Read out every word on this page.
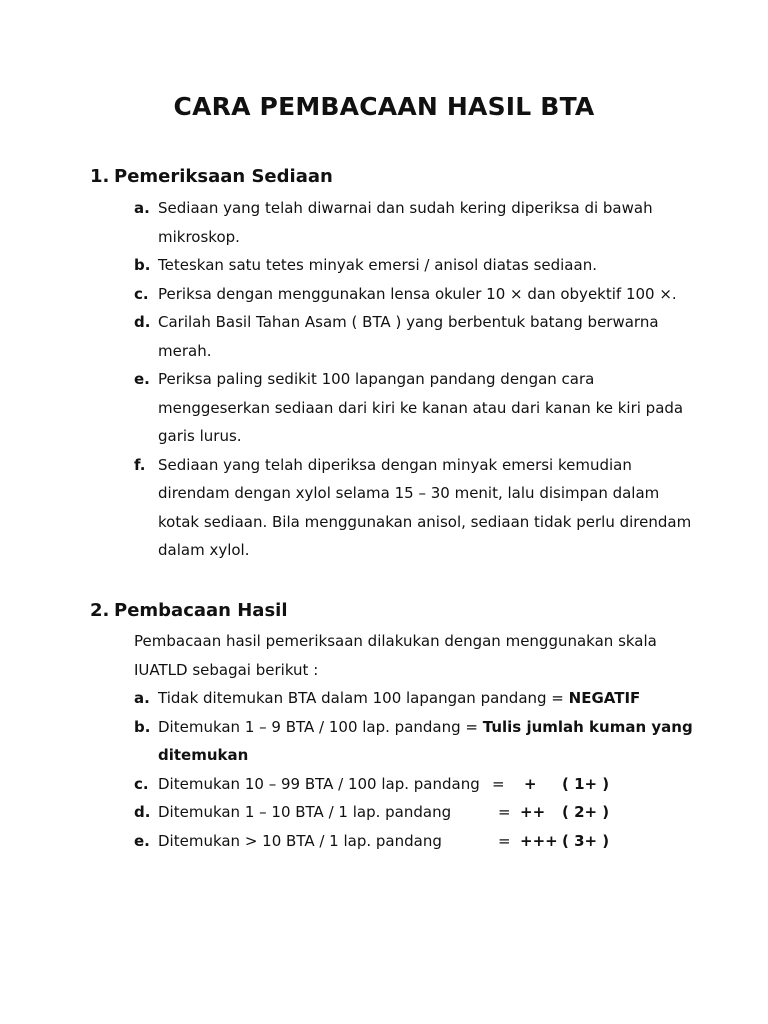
CARA PEMBACAAN HASIL BTA
1. Pemeriksaan Sediaan
a. Sediaan yang telah diwarnai dan sudah kering diperiksa di bawah mikroskop.
b. Teteskan satu tetes minyak emersi / anisol diatas sediaan.
c. Periksa dengan menggunakan lensa okuler 10 × dan obyektif 100 ×.
d. Carilah Basil Tahan Asam ( BTA ) yang berbentuk batang berwarna merah.
e. Periksa paling sedikit 100 lapangan pandang dengan cara menggeserkan sediaan dari kiri ke kanan atau dari kanan ke kiri pada garis lurus.
f. Sediaan yang telah diperiksa dengan minyak emersi kemudian direndam dengan xylol selama 15 – 30 menit, lalu disimpan dalam kotak sediaan. Bila menggunakan anisol, sediaan tidak perlu direndam dalam xylol.
2. Pembacaan Hasil
Pembacaan hasil pemeriksaan dilakukan dengan menggunakan skala IUATLD sebagai berikut :
a. Tidak ditemukan BTA dalam 100 lapangan pandang = NEGATIF
b. Ditemukan 1 – 9 BTA / 100 lap. pandang = Tulis jumlah kuman yang ditemukan
c. Ditemukan 10 – 99 BTA / 100 lap. pandang = + ( 1+ )
d. Ditemukan 1 – 10 BTA / 1 lap. pandang	= ++ ( 2+ )
e. Ditemukan > 10 BTA / 1 lap. pandang	= +++ ( 3+ )
